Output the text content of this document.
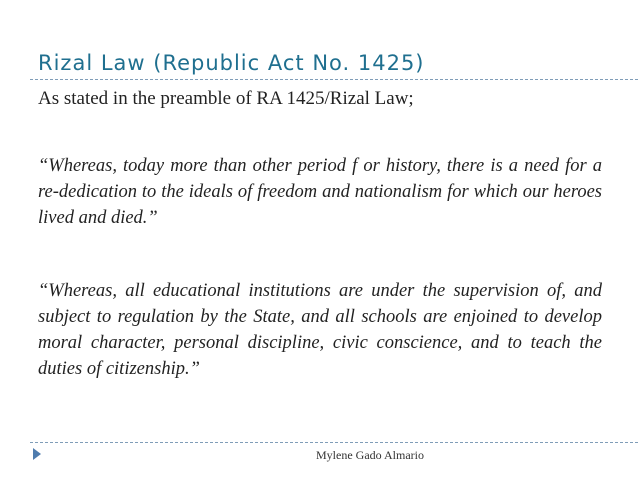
Rizal Law (Republic Act No. 1425)
As stated in the preamble of RA 1425/Rizal Law;
“Whereas, today more than other period f or history, there is a need for a re-dedication to the ideals of freedom and nationalism for which our heroes lived and died.”
“Whereas, all educational institutions are under the supervision of, and subject to regulation by the State, and all schools are enjoined to develop moral character, personal discipline, civic conscience, and to teach the duties of citizenship.”
Mylene Gado Almario
